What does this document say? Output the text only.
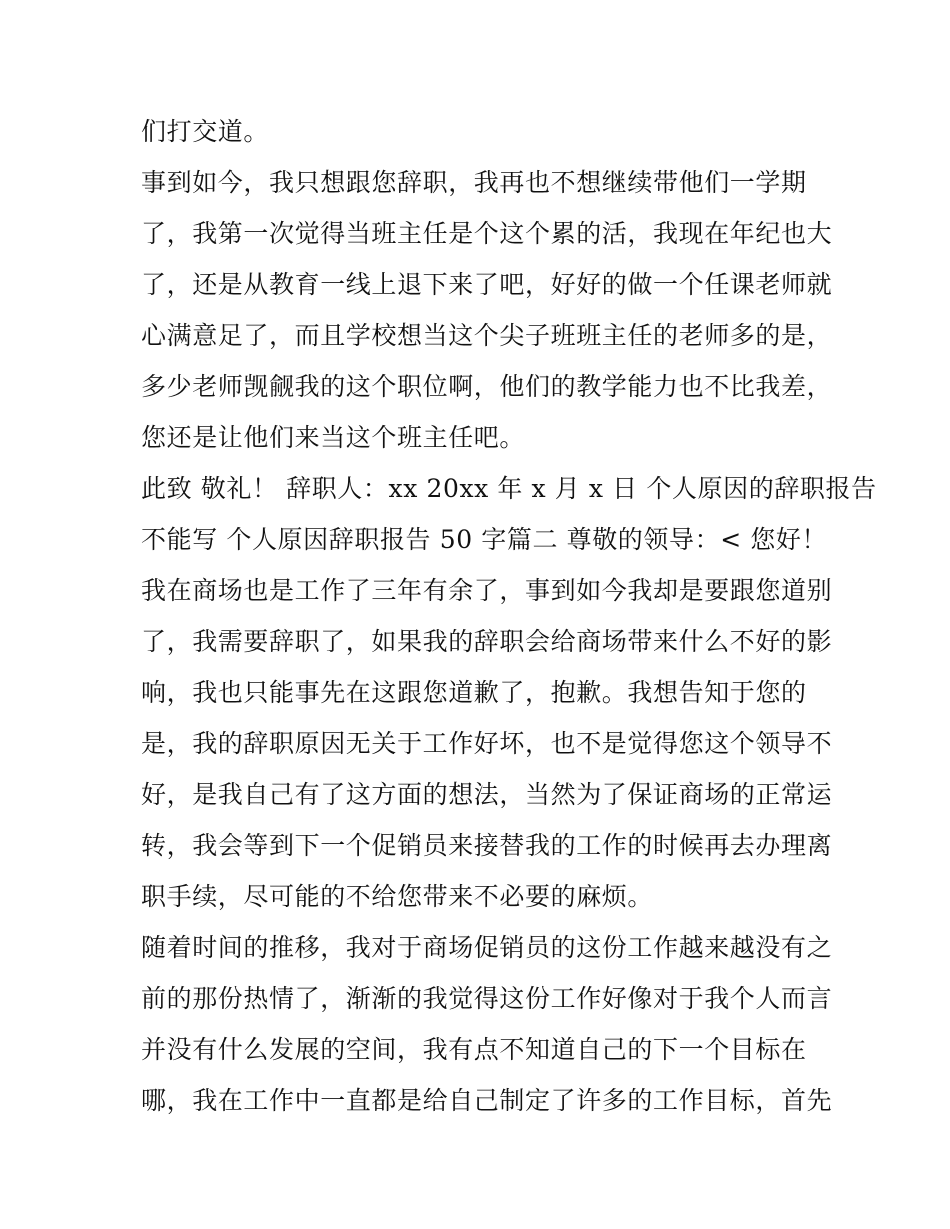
们打交道。
事到如今，我只想跟您辞职，我再也不想继续带他们一学期
了，我第一次觉得当班主任是个这个累的活，我现在年纪也大
了，还是从教育一线上退下来了吧，好好的做一个任课老师就
心满意足了，而且学校想当这个尖子班班主任的老师多的是，
多少老师觊觎我的这个职位啊，他们的教学能力也不比我差，
您还是让他们来当这个班主任吧。
此致 敬礼！ 辞职人：xx 20xx 年 x 月 x 日 个人原因的辞职报告
不能写 个人原因辞职报告 50 字篇二 尊敬的领导：< 您好！
我在商场也是工作了三年有余了，事到如今我却是要跟您道别
了，我需要辞职了，如果我的辞职会给商场带来什么不好的影
响，我也只能事先在这跟您道歉了，抱歉。我想告知于您的
是，我的辞职原因无关于工作好坏，也不是觉得您这个领导不
好，是我自己有了这方面的想法，当然为了保证商场的正常运
转，我会等到下一个促销员来接替我的工作的时候再去办理离
职手续，尽可能的不给您带来不必要的麻烦。
随着时间的推移，我对于商场促销员的这份工作越来越没有之
前的那份热情了，渐渐的我觉得这份工作好像对于我个人而言
并没有什么发展的空间，我有点不知道自己的下一个目标在
哪，我在工作中一直都是给自己制定了许多的工作目标，首先
